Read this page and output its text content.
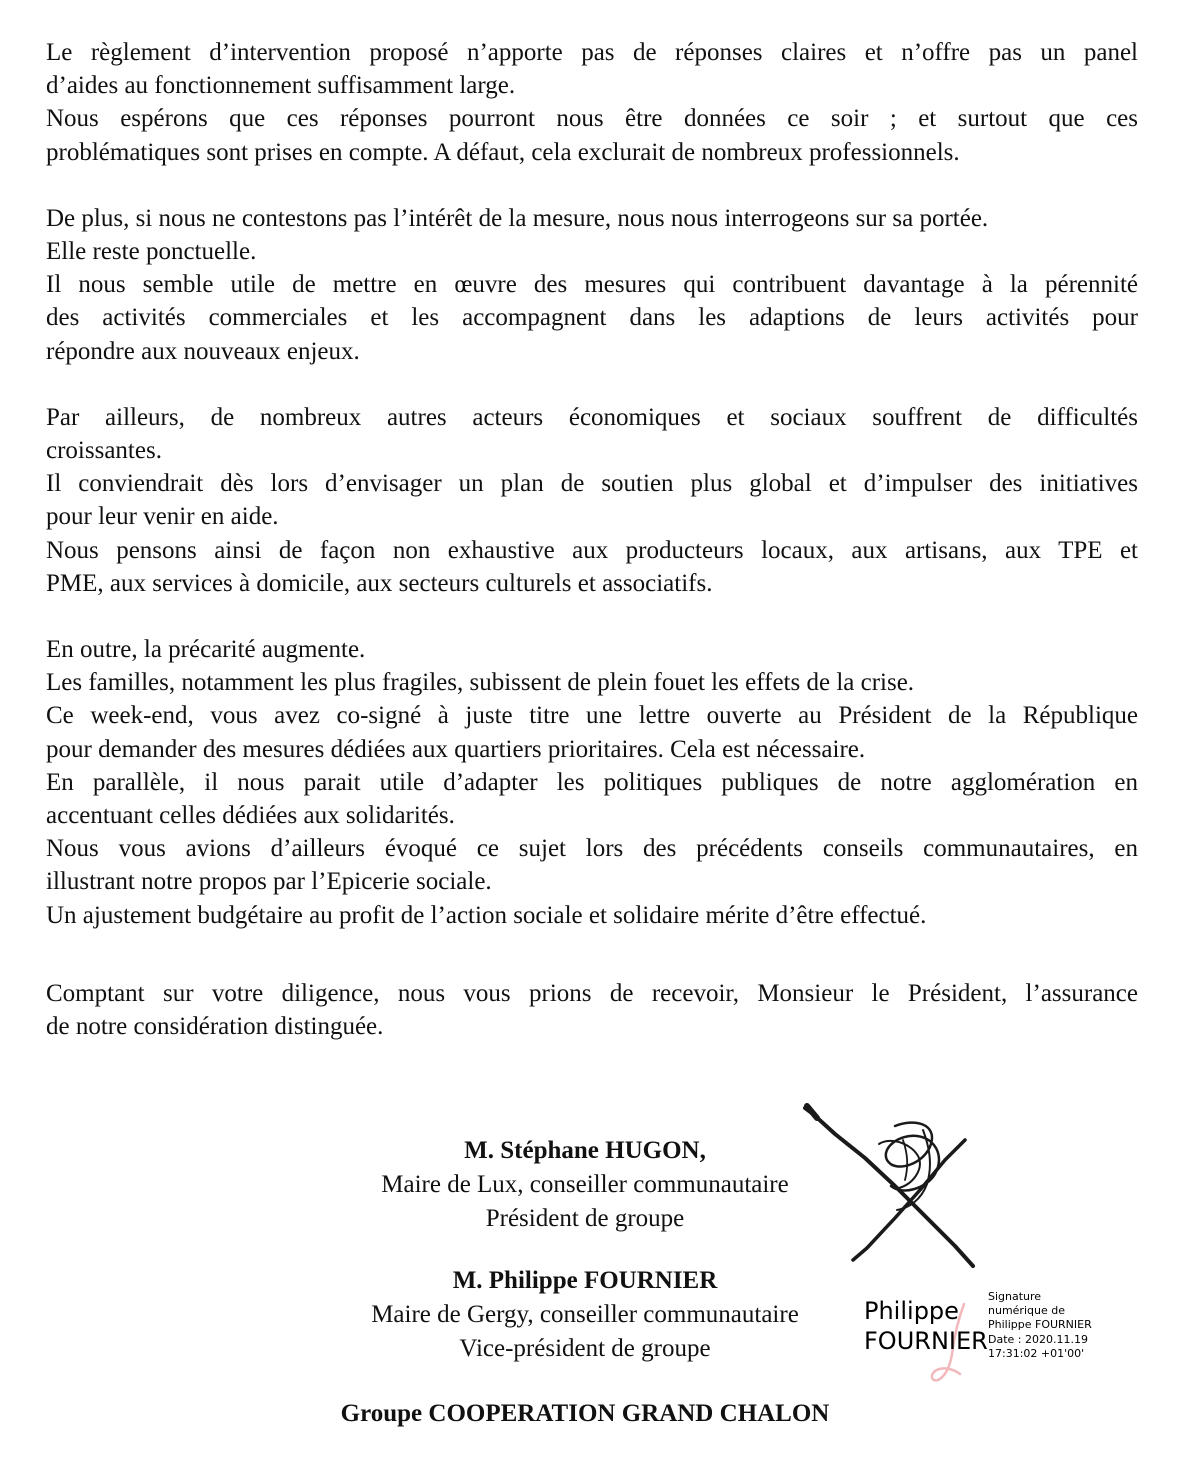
Le règlement d’intervention proposé n’apporte pas de réponses claires et n’offre pas un panel
d’aides au fonctionnement suffisamment large.
Nous espérons que ces réponses pourront nous être données ce soir ; et surtout que ces
problématiques sont prises en compte. A défaut, cela exclurait de nombreux professionnels.
De plus, si nous ne contestons pas l’intérêt de la mesure, nous nous interrogeons sur sa portée.
Elle reste ponctuelle.
Il nous semble utile de mettre en œuvre des mesures qui contribuent davantage à la pérennité
des activités commerciales et les accompagnent dans les adaptions de leurs activités pour
répondre aux nouveaux enjeux.
Par ailleurs, de nombreux autres acteurs économiques et sociaux souffrent de difficultés
croissantes.
Il conviendrait dès lors d’envisager un plan de soutien plus global et d’impulser des initiatives
pour leur venir en aide.
Nous pensons ainsi de façon non exhaustive aux producteurs locaux, aux artisans, aux TPE et
PME, aux services à domicile, aux secteurs culturels et associatifs.
En outre, la précarité augmente.
Les familles, notamment les plus fragiles, subissent de plein fouet les effets de la crise.
Ce week-end, vous avez co-signé à juste titre une lettre ouverte au Président de la République
pour demander des mesures dédiées aux quartiers prioritaires. Cela est nécessaire.
En parallèle, il nous parait utile d’adapter les politiques publiques de notre agglomération en
accentuant celles dédiées aux solidarités.
Nous vous avions d’ailleurs évoqué ce sujet lors des précédents conseils communautaires, en
illustrant notre propos par l’Epicerie sociale.
Un ajustement budgétaire au profit de l’action sociale et solidaire mérite d’être effectué.
Comptant sur votre diligence, nous vous prions de recevoir, Monsieur le Président, l’assurance
de notre considération distinguée.
M. Stéphane HUGON,
Maire de Lux, conseiller communautaire
Président de groupe
M. Philippe FOURNIER
Maire de Gergy, conseiller communautaire
Vice-président de groupe
Philippe
FOURNIER
Signature
numérique de
Philippe FOURNIER
Date : 2020.11.19
17:31:02 +01'00'
Groupe COOPERATION GRAND CHALON
